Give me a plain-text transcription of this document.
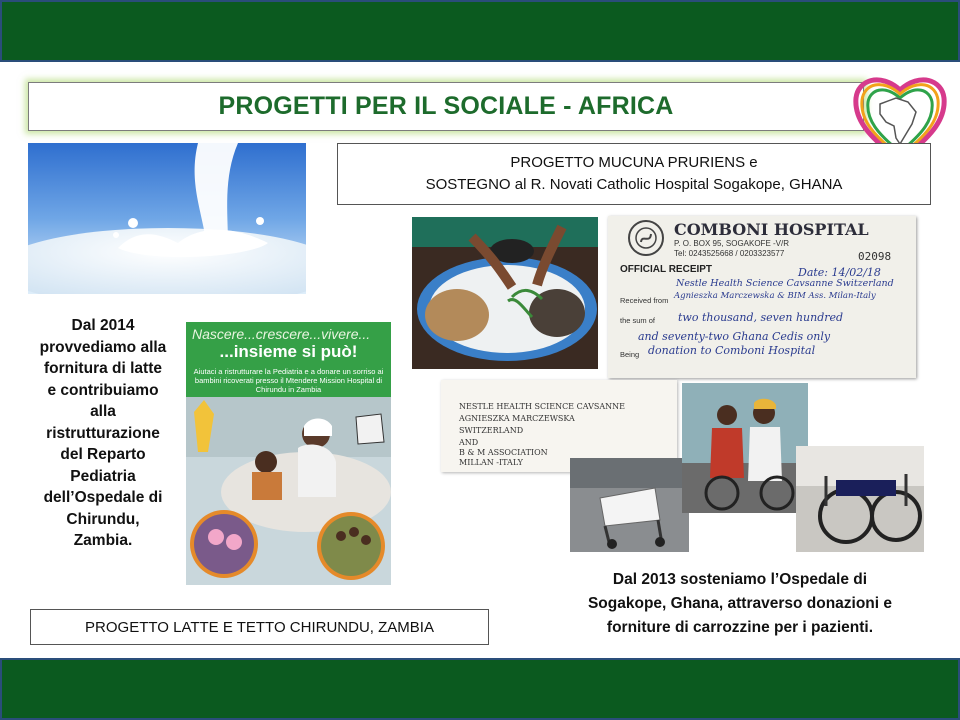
PROGETTI PER IL SOCIALE - AFRICA
PROGETTO MUCUNA PRURIENS e
SOSTEGNO al R. Novati Catholic Hospital Sogakope, GHANA
Dal 2014
provvediamo alla
fornitura di latte
e contribuiamo
alla
ristrutturazione
del Reparto
Pediatria
dell’Ospedale di
Chirundu,
Zambia.
Nascere...crescere...vivere...
...insieme si può!
Aiutaci a ristrutturare la Pediatria e a donare un sorriso ai bambini ricoverati presso il Mtendere Mission Hospital di Chirundu in Zambia
PROGETTO LATTE E TETTO CHIRUNDU, ZAMBIA
COMBONI HOSPITAL
P. O. BOX 95, SOGAKOFE -V/R
Tel: 0243525668 / 0203323577	02098
OFFICIAL RECEIPT	Date: 14/02/18
Received from
Nestle Health Science Cavsanne Switzerland
Agnieszka Marczewska & BIM Ass. Milan-Italy
the sum of two thousand, seven hundred
and seventy-two Ghana Cedis only
Being donation to Comboni Hospital
NESTLE HEALTH SCIENCE CAVSANNE
AGNIESZKA MARCZEWSKA
SWITZERLAND
AND
B & M ASSOCIATION
MILLAN -ITALY
Dal 2013 sosteniamo l’Ospedale di
Sogakope, Ghana, attraverso donazioni e
forniture di carrozzine per i pazienti.
